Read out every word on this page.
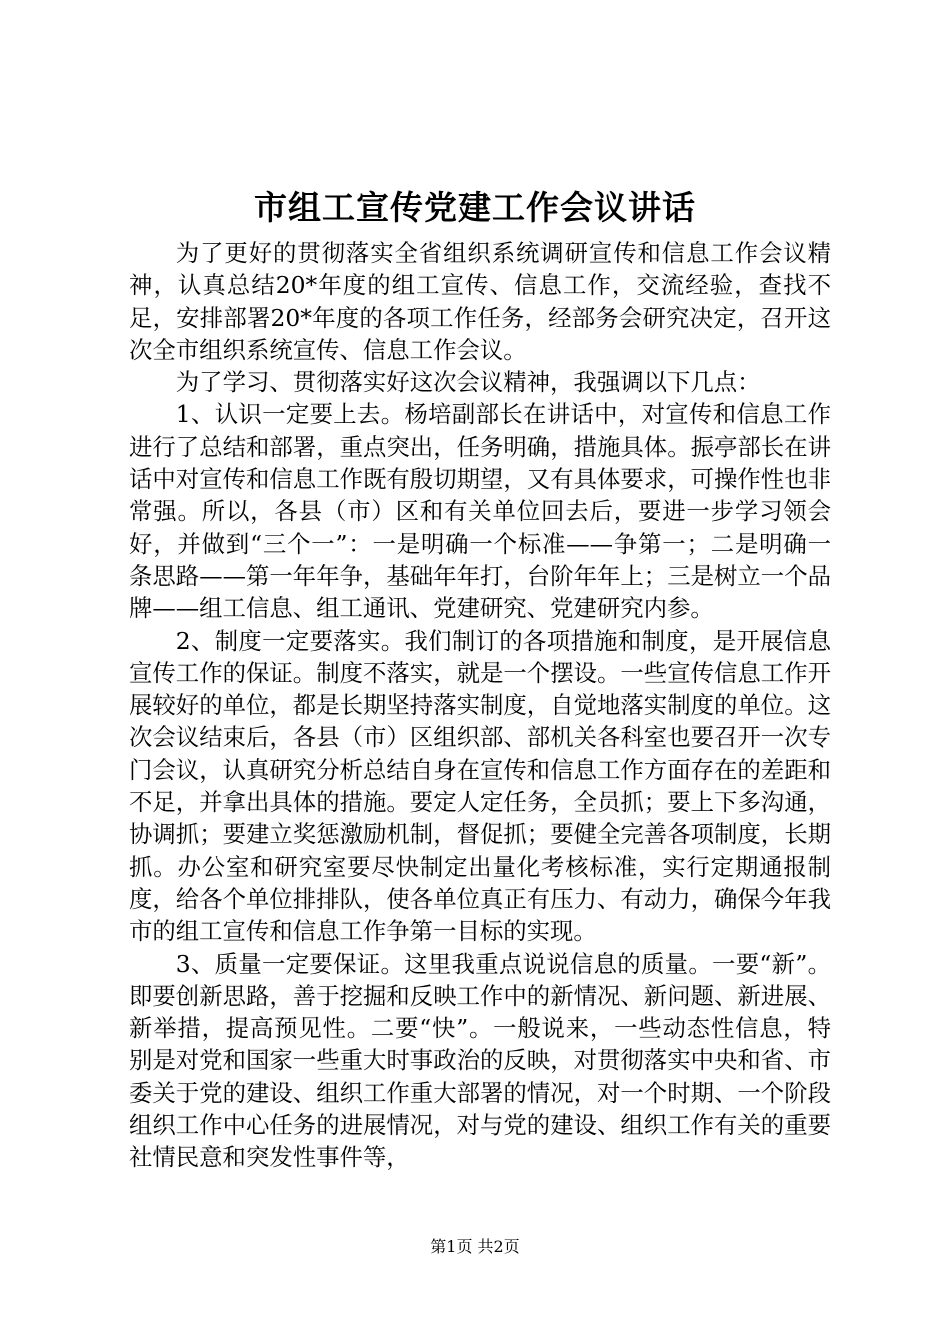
市组工宣传党建工作会议讲话

为了更好的贯彻落实全省组织系统调研宣传和信息工作会议精神，认真总结20*年度的组工宣传、信息工作，交流经验，查找不足，安排部署20*年度的各项工作任务，经部务会研究决定，召开这次全市组织系统宣传、信息工作会议。

为了学习、贯彻落实好这次会议精神，我强调以下几点：

1、认识一定要上去。杨培副部长在讲话中，对宣传和信息工作进行了总结和部署，重点突出，任务明确，措施具体。振亭部长在讲话中对宣传和信息工作既有殷切期望，又有具体要求，可操作性也非常强。所以，各县（市）区和有关单位回去后，要进一步学习领会好，并做到“三个一”：一是明确一个标准——争第一；二是明确一条思路——第一年年争，基础年年打，台阶年年上；三是树立一个品牌——组工信息、组工通讯、党建研究、党建研究内参。

2、制度一定要落实。我们制订的各项措施和制度，是开展信息宣传工作的保证。制度不落实，就是一个摆设。一些宣传信息工作开展较好的单位，都是长期坚持落实制度，自觉地落实制度的单位。这次会议结束后，各县（市）区组织部、部机关各科室也要召开一次专门会议，认真研究分析总结自身在宣传和信息工作方面存在的差距和不足，并拿出具体的措施。要定人定任务，全员抓；要上下多沟通，协调抓；要建立奖惩激励机制，督促抓；要健全完善各项制度，长期抓。办公室和研究室要尽快制定出量化考核标准，实行定期通报制度，给各个单位排排队，使各单位真正有压力、有动力，确保今年我市的组工宣传和信息工作争第一目标的实现。

3、质量一定要保证。这里我重点说说信息的质量。一要“新”。即要创新思路，善于挖掘和反映工作中的新情况、新问题、新进展、新举措，提高预见性。二要“快”。一般说来，一些动态性信息，特别是对党和国家一些重大时事政治的反映，对贯彻落实中央和省、市委关于党的建设、组织工作重大部署的情况，对一个时期、一个阶段组织工作中心任务的进展情况，对与党的建设、组织工作有关的重要社情民意和突发性事件等，

第1页 共2页
